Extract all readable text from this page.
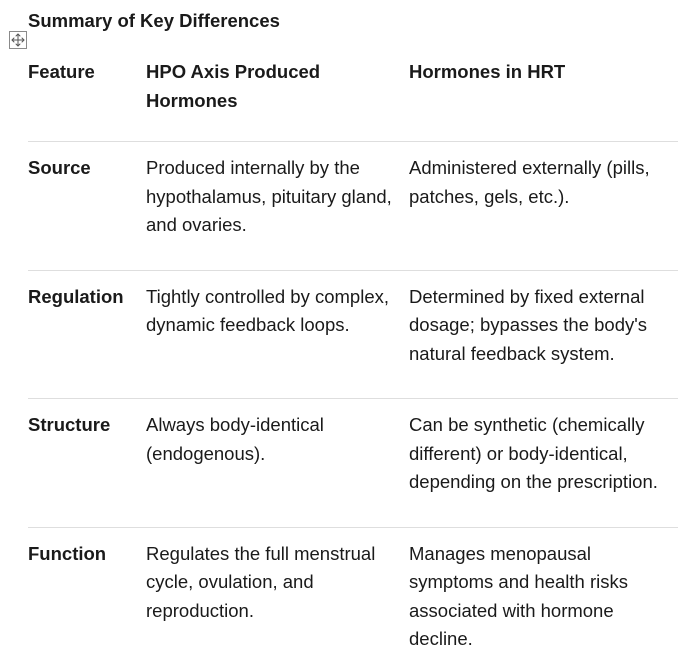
Summary of Key Differences
Feature	HPO Axis Produced Hormones	Hormones in HRT
Source	Produced internally by the hypothalamus, pituitary gland, and ovaries.	Administered externally (pills, patches, gels, etc.).
Regulation	Tightly controlled by complex, dynamic feedback loops.	Determined by fixed external dosage; bypasses the body's natural feedback system.
Structure	Always body-identical (endogenous).	Can be synthetic (chemically different) or body-identical, depending on the prescription.
Function	Regulates the full menstrual cycle, ovulation, and reproduction.	Manages menopausal symptoms and health risks associated with hormone decline.
